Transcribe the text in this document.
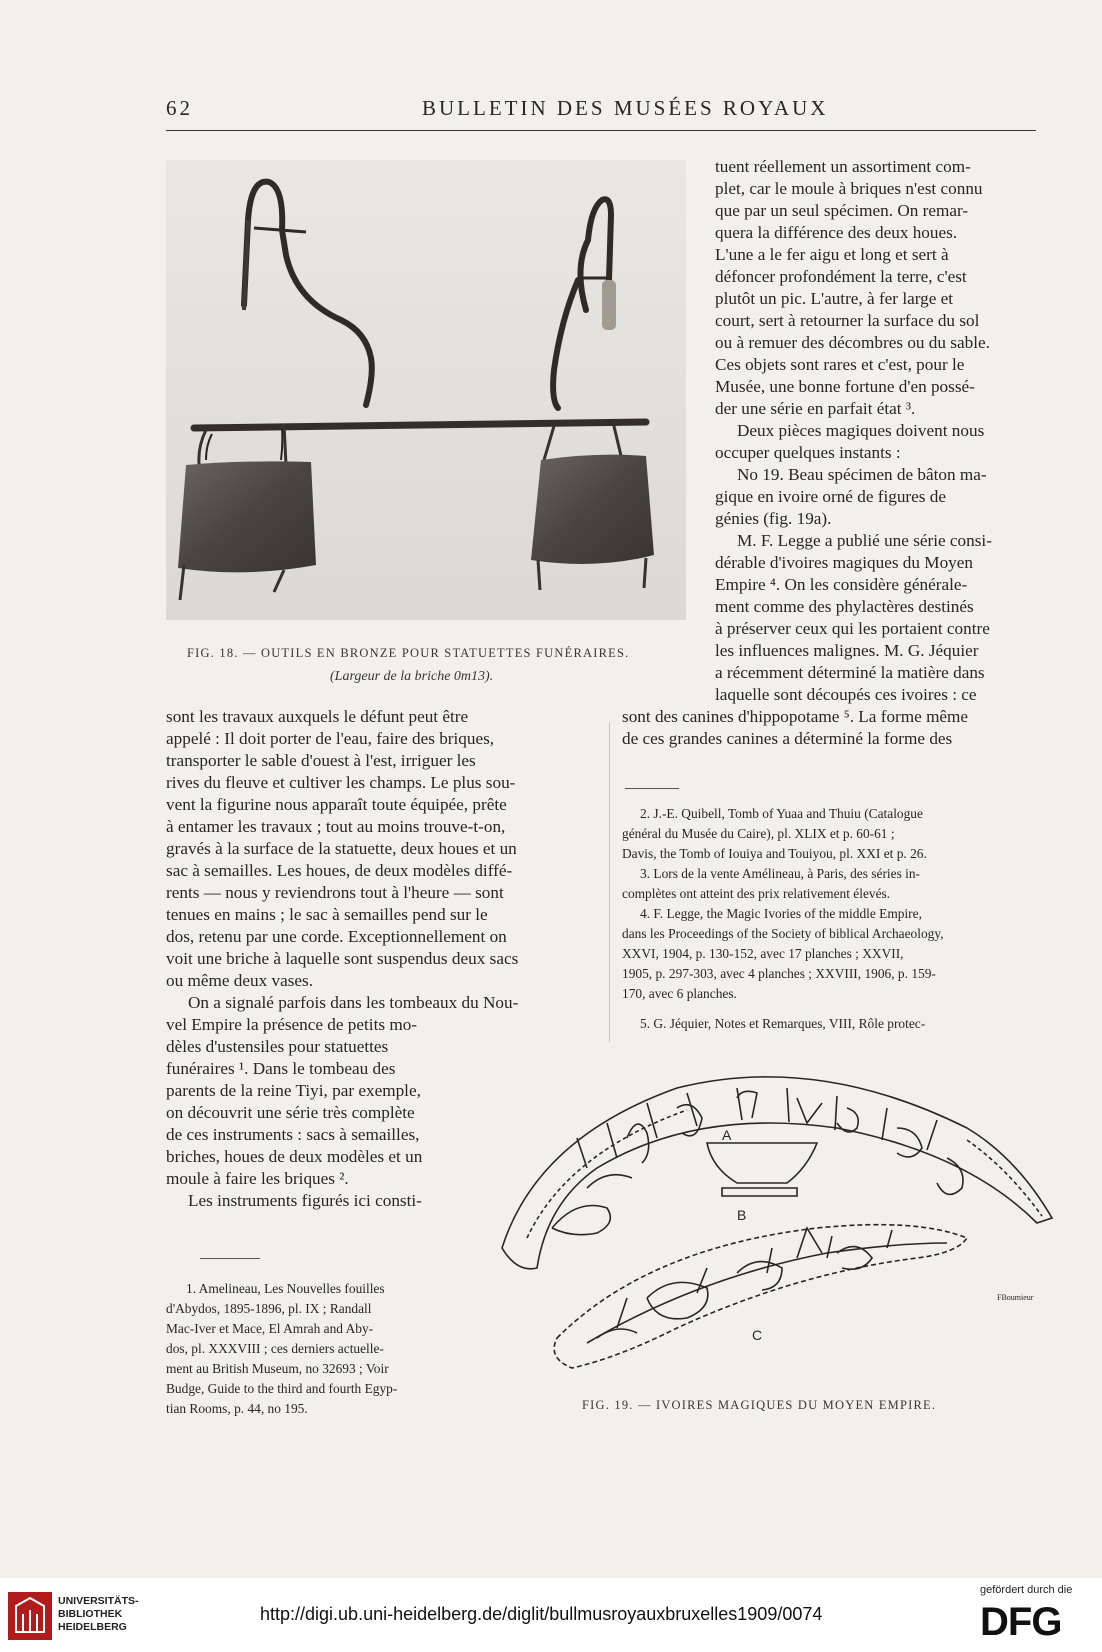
62	BULLETIN DES MUSÉES ROYAUX
FIG. 18. — OUTILS EN BRONZE POUR STATUETTES FUNÉRAIRES.
(Largeur de la briche 0m13).
tuent réellement un assortiment com-
plet, car le moule à briques n'est connu
que par un seul spécimen. On remar-
quera la différence des deux houes.
L'une a le fer aigu et long et sert à
défoncer profondément la terre, c'est
plutôt un pic. L'autre, à fer large et
court, sert à retourner la surface du sol
ou à remuer des décombres ou du sable.
Ces objets sont rares et c'est, pour le
Musée, une bonne fortune d'en possé-
der une série en parfait état ³.
Deux pièces magiques doivent nous
occuper quelques instants :
No 19. Beau spécimen de bâton ma-
gique en ivoire orné de figures de
génies (fig. 19a).
M. F. Legge a publié une série consi-
dérable d'ivoires magiques du Moyen
Empire ⁴. On les considère générale-
ment comme des phylactères destinés
à préserver ceux qui les portaient contre
les influences malignes. M. G. Jéquier
a récemment déterminé la matière dans
laquelle sont découpés ces ivoires : ce
sont des canines d'hippopotame ⁵. La forme même
de ces grandes canines a déterminé la forme des
sont les travaux auxquels le défunt peut être
appelé : Il doit porter de l'eau, faire des briques,
transporter le sable d'ouest à l'est, irriguer les
rives du fleuve et cultiver les champs. Le plus sou-
vent la figurine nous apparaît toute équipée, prête
à entamer les travaux ; tout au moins trouve-t-on,
gravés à la surface de la statuette, deux houes et un
sac à semailles. Les houes, de deux modèles diffé-
rents — nous y reviendrons tout à l'heure — sont
tenues en mains ; le sac à semailles pend sur le
dos, retenu par une corde. Exceptionnellement on
voit une briche à laquelle sont suspendus deux sacs
ou même deux vases.
On a signalé parfois dans les tombeaux du Nou-
vel Empire la présence de petits mo-
dèles d'ustensiles pour statuettes
funéraires ¹. Dans le tombeau des
parents de la reine Tiyi, par exemple,
on découvrit une série très complète
de ces instruments : sacs à semailles,
briches, houes de deux modèles et un
moule à faire les briques ².
Les instruments figurés ici consti-
2. J.-E. Quibell, Tomb of Yuaa and Thuiu (Catalogue
général du Musée du Caire), pl. XLIX et p. 60-61 ;
Davis, the Tomb of Iouiya and Touiyou, pl. XXI et p. 26.
3. Lors de la vente Amélineau, à Paris, des séries in-
complètes ont atteint des prix relativement élevés.
4. F. Legge, the Magic Ivories of the middle Empire,
dans les Proceedings of the Society of biblical Archaeology,
XXVI, 1904, p. 130-152, avec 17 planches ; XXVII,
1905, p. 297-303, avec 4 planches ; XXVIII, 1906, p. 159-
170, avec 6 planches.
5. G. Jéquier, Notes et Remarques, VIII, Rôle protec-
1. Amelineau, Les Nouvelles fouilles
d'Abydos, 1895-1896, pl. IX ; Randall
Mac-Iver et Mace, El Amrah and Aby-
dos, pl. XXXVIII ; ces derniers actuelle-
ment au British Museum, no 32693 ; Voir
Budge, Guide to the third and fourth Egyp-
tian Rooms, p. 44, no 195.
A
B
C
FBoumieur
FIG. 19. — IVOIRES MAGIQUES DU MOYEN EMPIRE.
UNIVERSITÄTS-
BIBLIOTHEK
HEIDELBERG
http://digi.ub.uni-heidelberg.de/diglit/bullmusroyauxbruxelles1909/0074
gefördert durch die
DFG
